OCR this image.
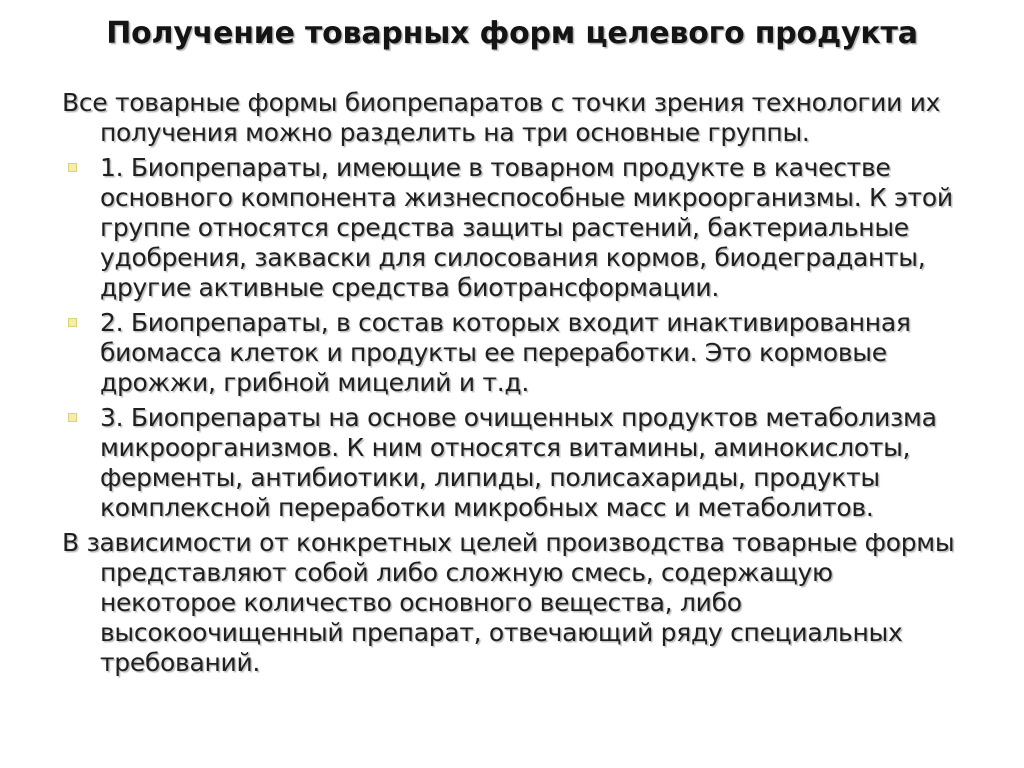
Получение товарных форм целевого продукта
Все товарные формы биопрепаратов с точки зрения технологии их получения можно разделить на три основные группы.
1. Биопрепараты, имеющие в товарном продукте в качестве основного компонента жизнеспособные микроорганизмы. К этой группе относятся средства защиты растений, бактериальные удобрения, закваски для силосования кормов, биодеграданты, другие активные средства биотрансформации.
2. Биопрепараты, в состав которых входит инактивированная биомасса клеток и продукты ее переработки. Это кормовые дрожжи, грибной мицелий и т.д.
3. Биопрепараты на основе очищенных продуктов метаболизма микроорганизмов. К ним относятся витамины, аминокислоты, ферменты, антибиотики, липиды, полисахариды, продукты комплексной переработки микробных масс и метаболитов.
В зависимости от конкретных целей производства товарные формы представляют собой либо сложную смесь, содержащую некоторое количество основного вещества, либо высокоочищенный препарат, отвечающий ряду специальных требований.
